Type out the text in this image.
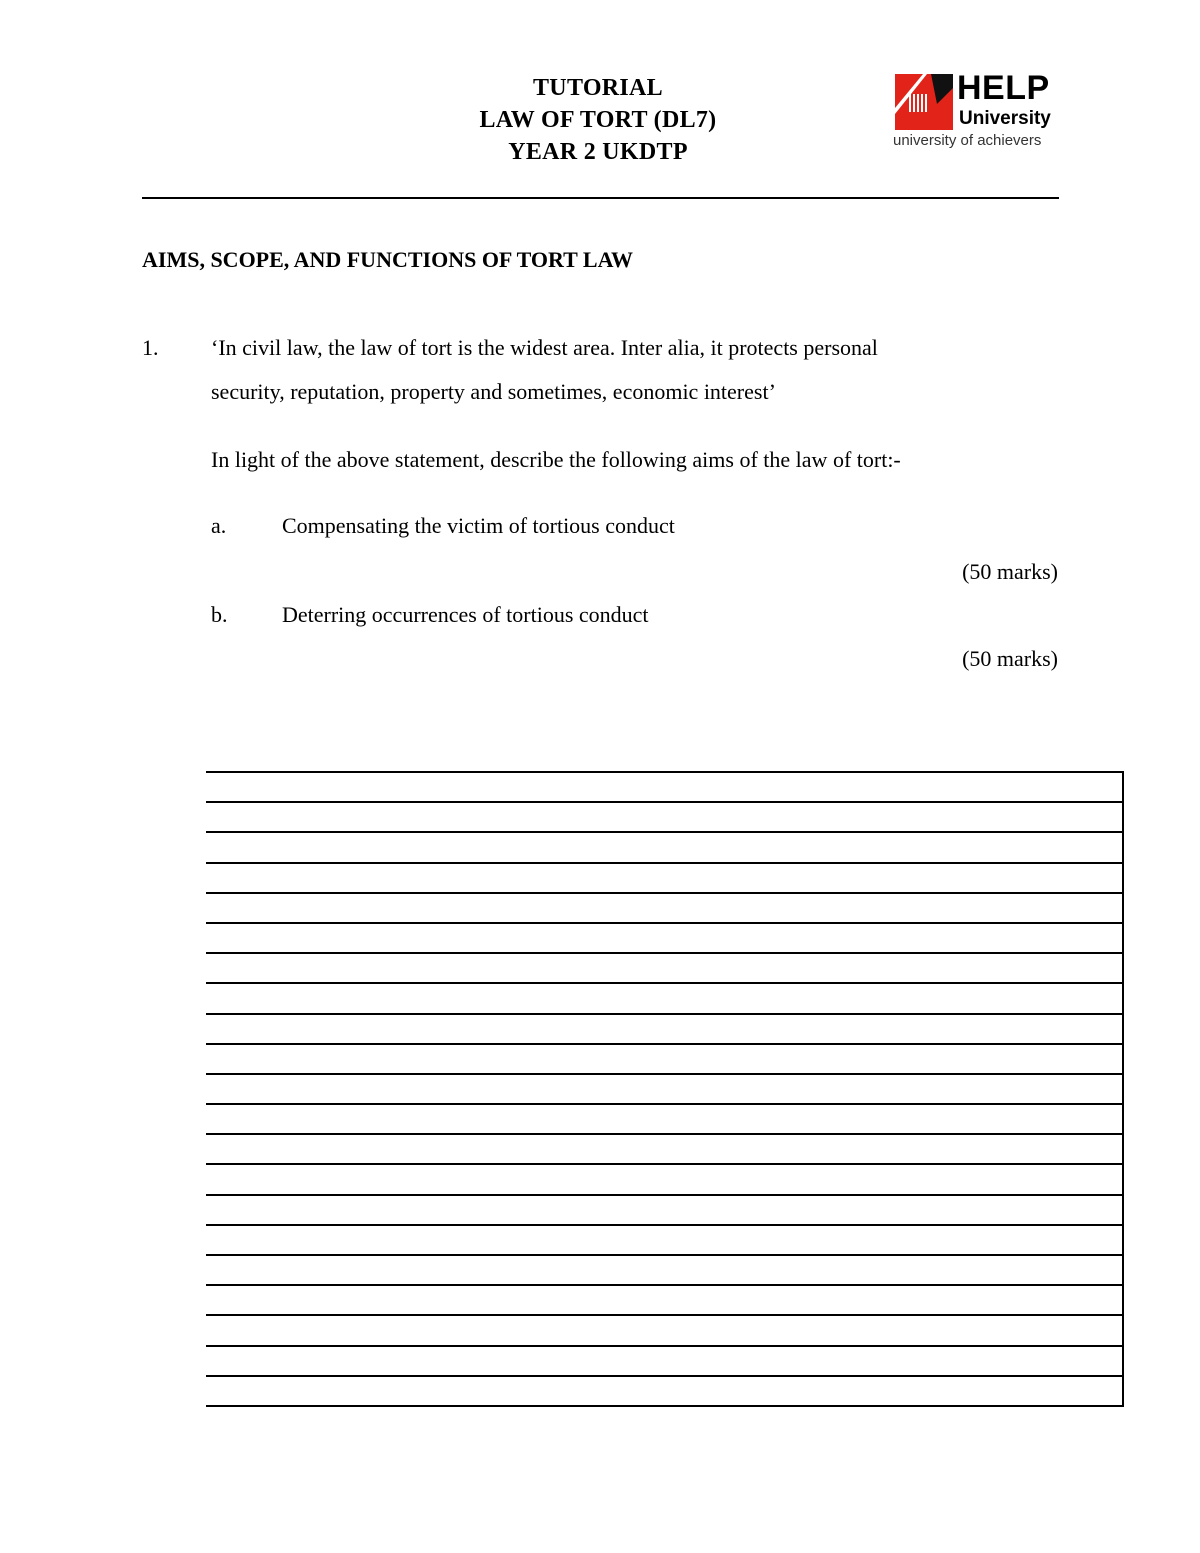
TUTORIAL
LAW OF TORT (DL7)
YEAR 2 UKDTP
HELP
University
university of achievers
AIMS, SCOPE, AND FUNCTIONS OF TORT LAW
1. ‘In civil law, the law of tort is the widest area. Inter alia, it protects personal
security, reputation, property and sometimes, economic interest’
In light of the above statement, describe the following aims of the law of tort:-
a.	Compensating the victim of tortious conduct
(50 marks)
b. Deterring occurrences of tortious conduct
(50 marks)
